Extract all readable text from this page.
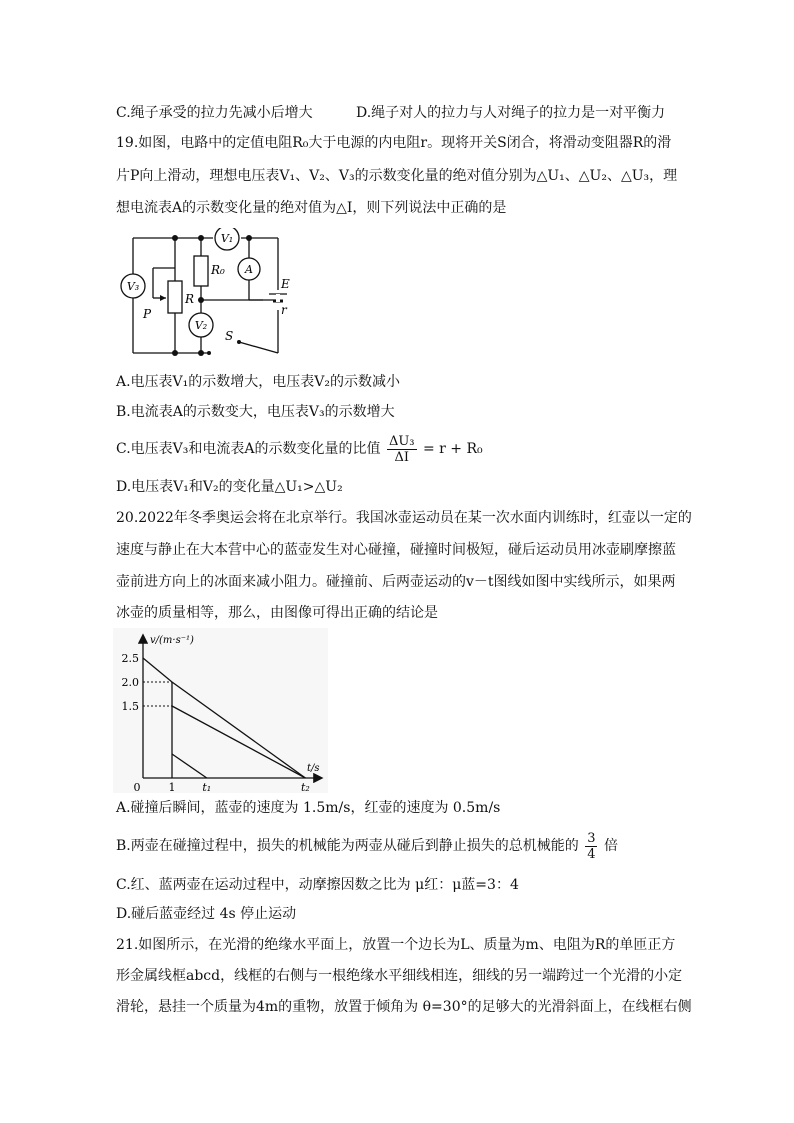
C.绳子承受的拉力先减小后增大	D.绳子对人的拉力与人对绳子的拉力是一对平衡力
19.如图，电路中的定值电阻R₀大于电源的内电阻r。现将开关S闭合，将滑动变阻器R的滑
片P向上滑动，理想电压表V₁、V₂、V₃的示数变化量的绝对值分别为△U₁、△U₂、△U₃，理
想电流表A的示数变化量的绝对值为△I，则下列说法中正确的是
V₁
A
V₃
V₂
R₀
R
P
E
r
S
A.电压表V₁的示数增大，电压表V₂的示数减小
B.电流表A的示数变大，电压表V₃的示数增大
C.电压表V₃和电流表A的示数变化量的比值 $\frac{\text{ΔU₃}}{\Delta I} = r + R_0$
D.电压表V₁和V₂的变化量△U₁>△U₂
20.2022年冬季奥运会将在北京举行。我国冰壶运动员在某一次水面内训练时，红壶以一定的
速度与静止在大本营中心的蓝壶发生对心碰撞，碰撞时间极短，碰后运动员用冰壶刷摩擦蓝
壶前进方向上的冰面来减小阻力。碰撞前、后两壶运动的v－t图线如图中实线所示，如果两
冰壶的质量相等，那么，由图像可得出正确的结论是
v/(m·s⁻¹)
t/s
2.5
2.0
1.5
0	1 t₁	t₂
A.碰撞后瞬间，蓝壶的速度为 1.5m/s，红壶的速度为 0.5m/s
B.两壶在碰撞过程中，损失的机械能为两壶从碰后到静止损失的总机械能的 $\frac{3}{4}$ 倍
C.红、蓝两壶在运动过程中，动摩擦因数之比为 μ红：μ蓝=3：4
D.碰后蓝壶经过 4s 停止运动
21.如图所示，在光滑的绝缘水平面上，放置一个边长为L、质量为m、电阻为R的单匝正方
形金属线框abcd，线框的右侧与一根绝缘水平细线相连，细线的另一端跨过一个光滑的小定
滑轮，悬挂一个质量为4m的重物，放置于倾角为 θ=30°的足够大的光滑斜面上，在线框右侧
